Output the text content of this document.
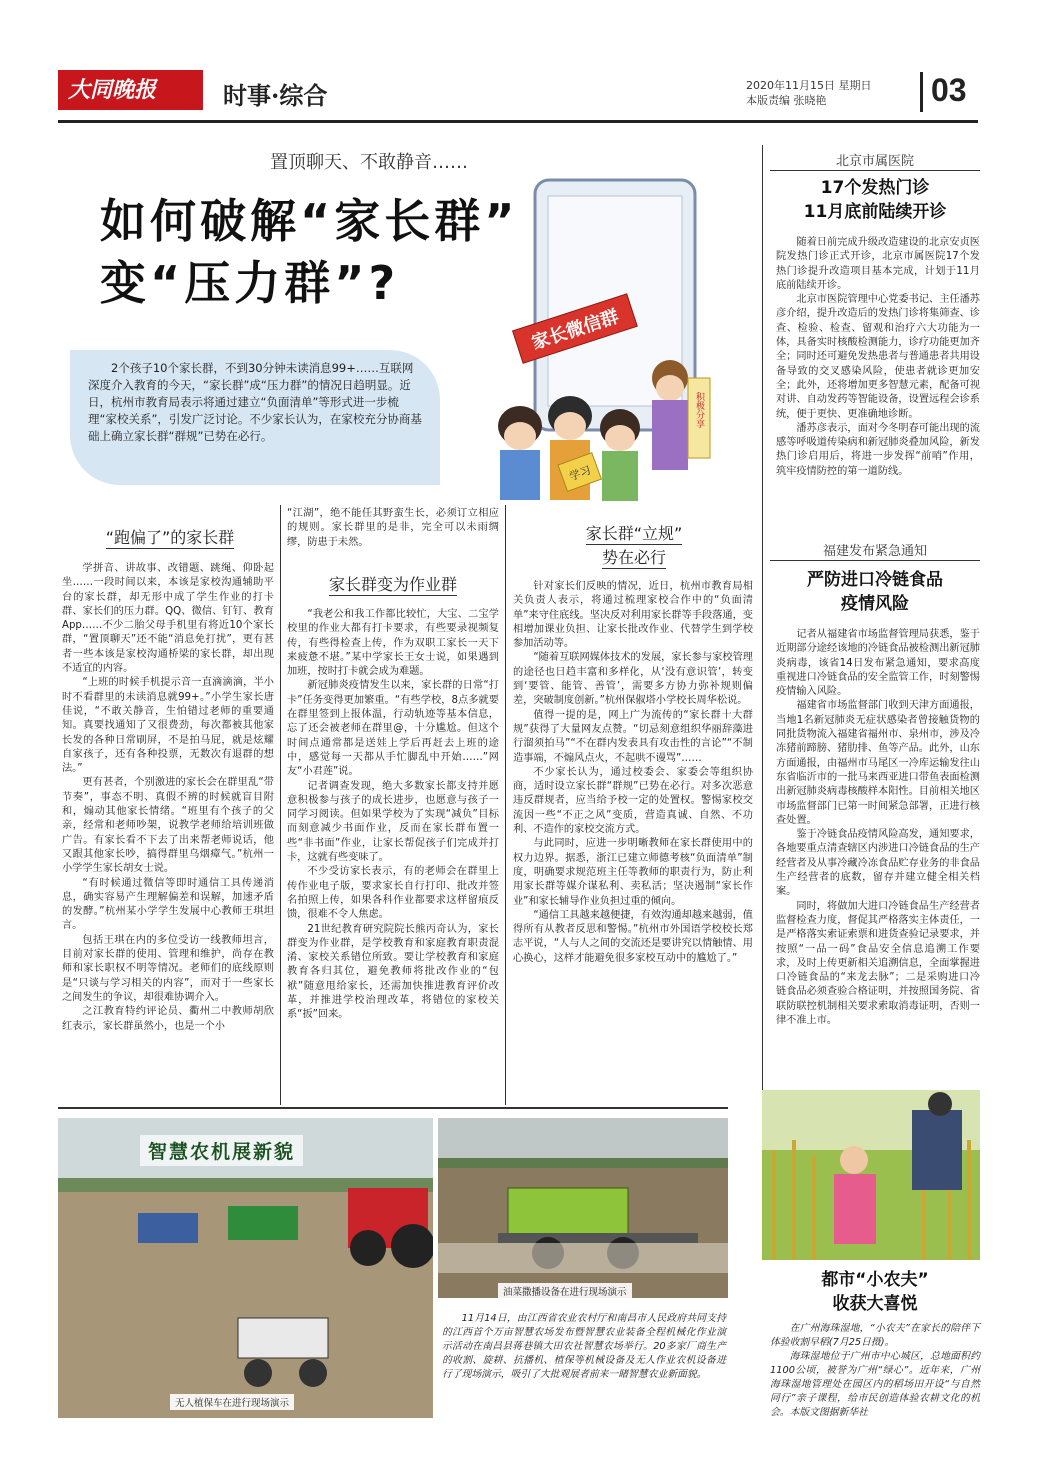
大同晚报	时事·综合	2020年11月15日 星期日
本版责编 张晓艳	03
置顶聊天、不敢静音……
如何破解“家长群”
变“压力群”?
家长微信群
积极分享
学习
2个孩子10个家长群，不到30分钟未读消息99+……互联网深度介入教育的今天，“家长群”成“压力群”的情况日趋明显。近日，杭州市教育局表示将通过建立“负面清单”等形式进一步梳理“家校关系”，引发广泛讨论。不少家长认为，在家校充分协商基础上确立家长群“群规”已势在必行。
“跑偏了”的家长群

学拼音、讲故事、改错题、跳绳、仰卧起坐……一段时间以来，本该是家校沟通辅助平台的家长群，却无形中成了学生作业的打卡群、家长们的压力群。QQ、微信、钉钉、教育App……不少二胎父母手机里有将近10个家长群，“置顶聊天”还不能“消息免打扰”，更有甚者一些本该是家校沟通桥梁的家长群，却出现不适宜的内容。

“上班的时候手机提示音一直滴滴滴，半小时不看群里的未读消息就99+。”小学生家长唐佳说，“不敢关静音，生怕错过老师的重要通知。真要找通知了又很费劲，每次都被其他家长发的各种日常刷屏，不是拍马屁，就是炫耀自家孩子，还有各种投票，无数次有退群的想法。”

更有甚者，个别激进的家长会在群里乱“带节奏”，事态不明、真假不辨的时候就盲目附和，煽动其他家长情绪。“班里有个孩子的父亲，经常和老师吵架，说教学老师给培训班做广告。有家长看不下去了出来帮老师说话，他又跟其他家长吵，搞得群里乌烟瘴气。”杭州一小学学生家长胡女士说。

“有时候通过微信等即时通信工具传递消息，确实容易产生理解偏差和误解，加速矛盾的发酵。”杭州某小学学生发展中心教师王琪坦言。

包括王琪在内的多位受访一线教师坦言，目前对家长群的使用、管理和维护，尚存在教师和家长职权不明等情况。老师们的底线原则是“只谈与学习相关的内容”，而对于一些家长之间发生的争议，却很难协调介入。

之江教育特约评论员、衢州二中教师胡欣红表示，家长群虽然小，也是一个小

“江湖”，绝不能任其野蛮生长，必须订立相应的规则。家长群里的是非，完全可以未雨绸缪，防患于未然。

家长群变为作业群

“我老公和我工作都比较忙，大宝、二宝学校里的作业大都有打卡要求，有些要录视频复传，有些得检查上传，作为双职工家长一天下来疲惫不堪。”某中学家长王女士说，如果遇到加班，按时打卡就会成为难题。

新冠肺炎疫情发生以来，家长群的日常“打卡”任务变得更加繁重。“有些学校，8点多就要在群里签到上报体温，行动轨迹等基本信息，忘了还会被老师在群里@，十分尴尬。但这个时间点通常都是送娃上学后再赶去上班的途中，感觉每一天都从手忙脚乱中开始……”网友“小君莲”说。

记者调查发现，绝大多数家长都支持并愿意积极参与孩子的成长进步，也愿意与孩子一同学习阅读。但如果学校为了实现“减负”目标而刻意减少书面作业，反而在家长群布置一些“非书面”作业，让家长帮促孩子们完成并打卡，这就有些变味了。

不少受访家长表示，有的老师会在群里上传作业电子版，要求家长自行打印、批改并签名拍照上传，如果各科作业都要求这样留痕反馈，很难不令人焦虑。

21世纪教育研究院院长熊丙奇认为，家长群变为作业群，是学校教育和家庭教育职责混淆、家校关系错位所致。要让学校教育和家庭教育各归其位，避免教师将批改作业的“包袱”随意甩给家长，还需加快推进教育评价改革，并推进学校治理改革，将错位的家校关系“扳”回来。

家长群“立规”
势在必行

针对家长们反映的情况，近日，杭州市教育局相关负责人表示，将通过梳理家校合作中的“负面清单”来守住底线。坚决反对利用家长群等手段落通，变相增加课业负担、让家长批改作业、代替学生到学校参加活动等。

“随着互联网媒体技术的发展，家长参与家校管理的途径也日趋丰富和多样化，从‘没有意识管’，转变到‘要管、能管、善管’，需要多方协力弥补规则偏差，突破制度创新。”杭州保俶塔小学校长周华松说。

值得一提的是，网上广为流传的“家长群十大群规”获得了大量网友点赞。“切忌刻意组织华丽辞藻进行溜须拍马”“不在群内发表具有攻击性的言论”“不制造事端，不煽风点火，不起哄不谩骂”……

不少家长认为，通过校委会、家委会等组织协商，适时设立家长群“群规”已势在必行。对多次恶意违反群规者，应当给予校一定的处置权。警惕家校交流因一些“不正之风”变质，营造真诚、自然、不功利、不造作的家校交流方式。

与此同时，应进一步明晰教师在家长群使用中的权力边界。据悉，浙江已建立师德考核“负面清单”制度，明确要求规范班主任等教师的职责行为，防止利用家长群等媒介谋私利、卖私活；坚决遏制“家长作业”和家长辅导作业负担过重的倾向。

“通信工具越来越便捷，有效沟通却越来越弱，值得所有从教者反思和警惕。”杭州市外国语学校校长郑志平说，“人与人之间的交流还是要讲究以情触情、用心换心，这样才能避免很多家校互动中的尴尬了。”

北京市属医院
17个发热门诊
11月底前陆续开诊

随着日前完成升级改造建设的北京安贞医院发热门诊正式开诊，北京市属医院17个发热门诊提升改造项目基本完成，计划于11月底前陆续开诊。

北京市医院管理中心党委书记、主任潘苏彦介绍，提升改造后的发热门诊将集筛查、诊查、检验、检查、留观和治疗六大功能为一体，具备实时核酸检测能力，诊疗功能更加齐全；同时还可避免发热患者与普通患者共用设备导致的交叉感染风险，使患者就诊更加安全；此外，还将增加更多智慧元素，配备可视对讲、自动发药等智能设备，设置远程会诊系统，便于更快、更准确地诊断。

潘苏彦表示，面对今冬明春可能出现的流感等呼吸道传染病和新冠肺炎叠加风险，新发热门诊启用后，将进一步发挥“前哨”作用，筑牢疫情防控的第一道防线。

福建发布紧急通知
严防进口冷链食品
疫情风险

记者从福建省市场监督管理局获悉，鉴于近期部分途经该地的冷链食品被检测出新冠肺炎病毒，该省14日发布紧急通知，要求高度重视进口冷链食品的安全监管工作，时刻警惕疫情输入风险。

福建省市场监督部门收到天津方面通报，当地1名新冠肺炎无症状感染者曾接触货物的同批货物流入福建省福州市、泉州市，涉及冷冻猪前蹄膀、猪肋排、鱼等产品。此外，山东方面通报，由福州市马尾区一冷库运输发往山东省临沂市的一批马来西亚进口带鱼表面检测出新冠肺炎病毒核酸样本阳性。目前相关地区市场监督部门已第一时间紧急部署，正进行核查处置。

鉴于冷链食品疫情风险高发，通知要求，各地要重点清查辖区内涉进口冷链食品的生产经营者及从事冷藏冷冻食品贮存业务的非食品生产经营者的底数，留存并建立健全相关档案。

同时，将做加大进口冷链食品生产经营者监督检查力度，督促其严格落实主体责任，一是严格落实索证索票和进货查验记录要求，并按照“一品一码”食品安全信息追溯工作要求，及时上传更新相关追溯信息，全面掌握进口冷链食品的“来龙去脉”；二是采购进口冷链食品必须查验合格证明，并按照国务院、省联防联控机制相关要求索取消毒证明，否则一律不准上市。

都市“小农夫”
收获大喜悦

在广州海珠湿地，“小农夫”在家长的陪伴下体验收割早稻(7月25日摄)。

海珠湿地位于广州市中心城区，总地面积约1100公顷，被誉为广州“绿心”。近年来，广州海珠湿地管理处在园区内的稻场田开设“与自然同行”亲子课程，给市民创造体验农耕文化的机会。本版文图据新华社

智慧农机展新貌
无人植保车在进行现场演示
油菜撒播设备在进行现场演示

11月14日，由江西省农业农村厅和南昌市人民政府共同支持的江西首个万亩智慧农场发布暨智慧农业装备全程机械化作业演示活动在南昌县蒋巷镇大田农社智慧农场举行。20多家厂商生产的收割、旋耕、抗播机、植保等机械设备及无人作业农机设备进行了现场演示，吸引了大批观展者前来一睹智慧农业新面貌。
